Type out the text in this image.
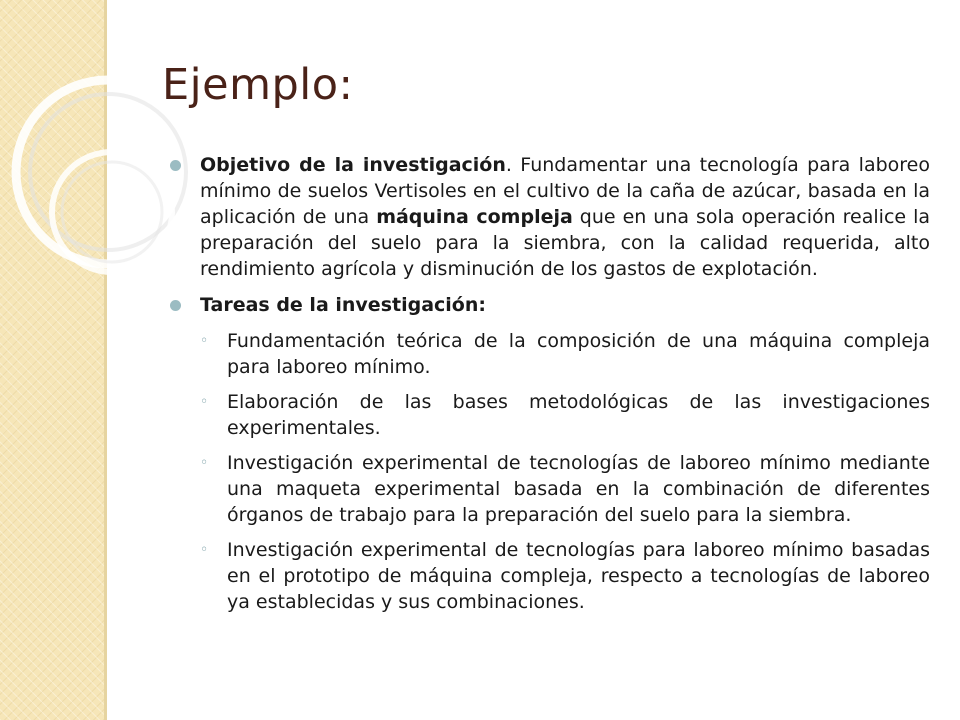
Ejemplo:
Objetivo de la investigación. Fundamentar una tecnología para laboreo mínimo de suelos Vertisoles en el cultivo de la caña de azúcar, basada en la aplicación de una máquina compleja que en una sola operación realice la preparación del suelo para la siembra, con la calidad requerida, alto rendimiento agrícola y disminución de los gastos de explotación.
Tareas de la investigación:
◦ Fundamentación teórica de la composición de una máquina compleja para laboreo mínimo.
◦ Elaboración de las bases metodológicas de las investigaciones experimentales.
◦ Investigación experimental de tecnologías de laboreo mínimo mediante una maqueta experimental basada en la combinación de diferentes órganos de trabajo para la preparación del suelo para la siembra.
◦ Investigación experimental de tecnologías para laboreo mínimo basadas en el prototipo de máquina compleja, respecto a tecnologías de laboreo ya establecidas y sus combinaciones.
